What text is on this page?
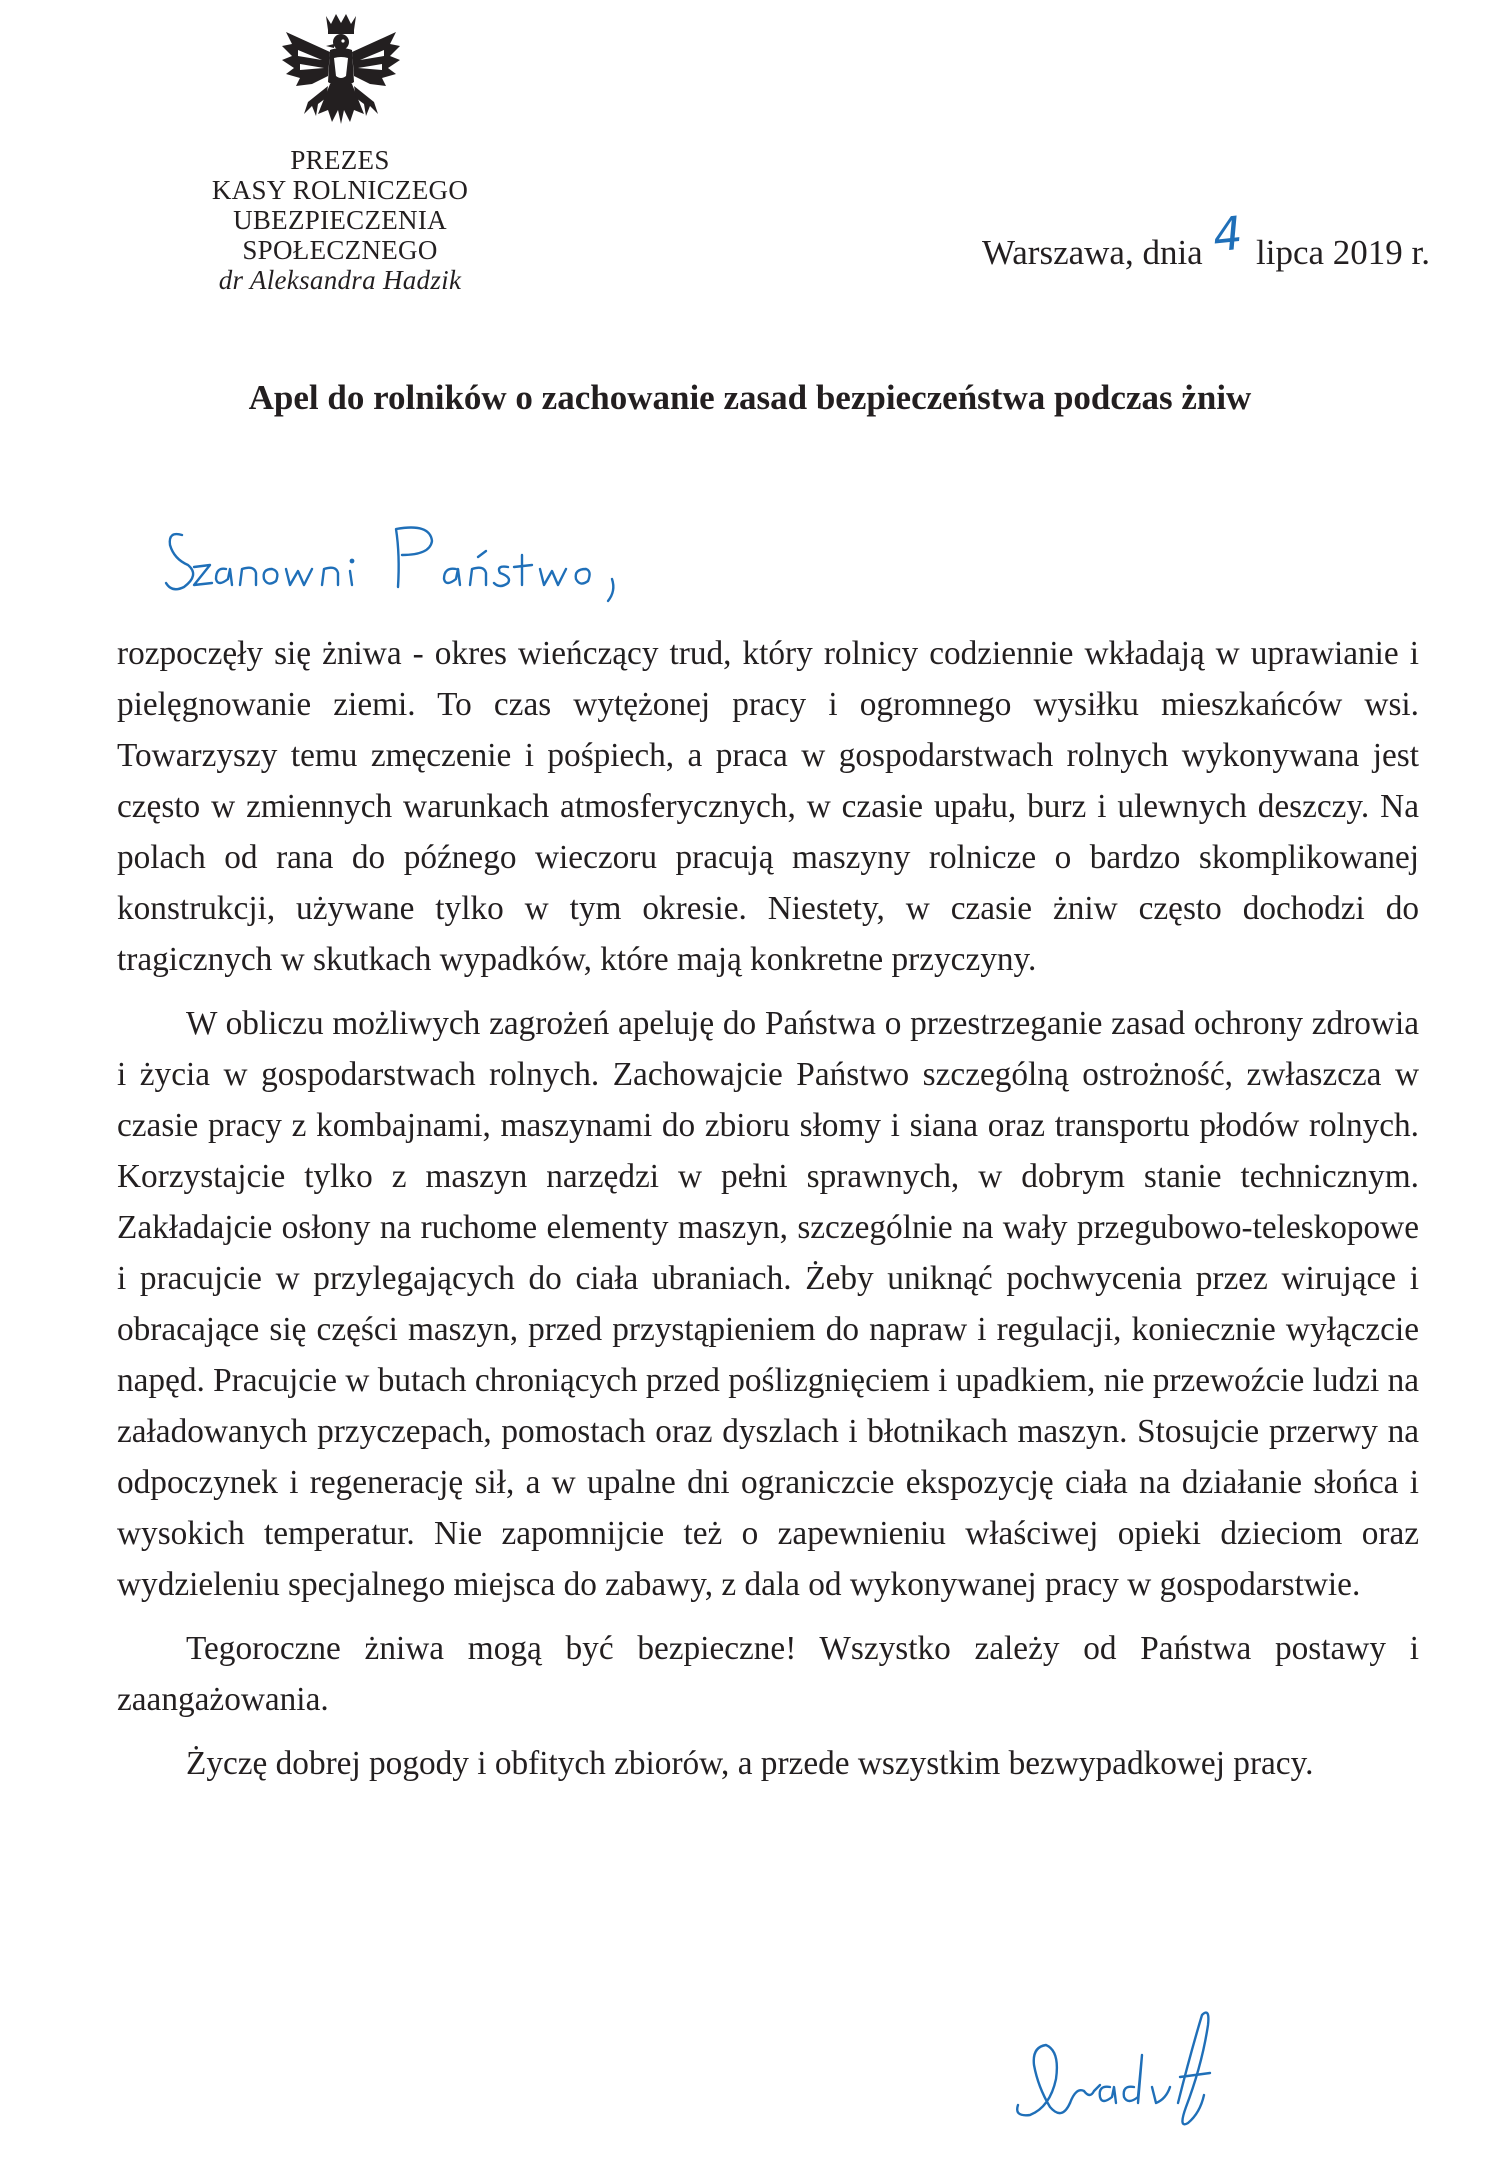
PREZES
KASY ROLNICZEGO
UBEZPIECZENIA SPOŁECZNEGO
dr Aleksandra Hadzik
Warszawa, dnia 4 lipca 2019 r.
Apel do rolników o zachowanie zasad bezpieczeństwa podczas żniw

rozpoczęły się żniwa - okres wieńczący trud, który rolnicy codziennie wkładają w uprawianie i pielęgnowanie ziemi. To czas wytężonej pracy i ogromnego wysiłku mieszkańców wsi. Towarzyszy temu zmęczenie i pośpiech, a praca w gospodarstwach rolnych wykonywana jest często w zmiennych warunkach atmosferycznych, w czasie upału, burz i ulewnych deszczy. Na polach od rana do późnego wieczoru pracują maszyny rolnicze o bardzo skomplikowanej konstrukcji, używane tylko w tym okresie. Niestety, w czasie żniw często dochodzi do tragicznych w skutkach wypadków, które mają konkretne przyczyny.

W obliczu możliwych zagrożeń apeluję do Państwa o przestrzeganie zasad ochrony zdrowia i życia w gospodarstwach rolnych. Zachowajcie Państwo szczególną ostrożność, zwłaszcza w czasie pracy z kombajnami, maszynami do zbioru słomy i siana oraz transportu płodów rolnych. Korzystajcie tylko z maszyn narzędzi w pełni sprawnych, w dobrym stanie technicznym. Zakładajcie osłony na ruchome elementy maszyn, szczególnie na wały przegubowo-teleskopowe i pracujcie w przylegających do ciała ubraniach. Żeby uniknąć pochwycenia przez wirujące i obracające się części maszyn, przed przystąpieniem do napraw i regulacji, koniecznie wyłączcie napęd. Pracujcie w butach chroniących przed poślizgnięciem i upadkiem, nie przewoźcie ludzi na załadowanych przyczepach, pomostach oraz dyszlach i błotnikach maszyn. Stosujcie przerwy na odpoczynek i regenerację sił, a w upalne dni ograniczcie ekspozycję ciała na działanie słońca i wysokich temperatur. Nie zapomnijcie też o zapewnieniu właściwej opieki dzieciom oraz wydzieleniu specjalnego miejsca do zabawy, z dala od wykonywanej pracy w gospodarstwie.

Tegoroczne żniwa mogą być bezpieczne! Wszystko zależy od Państwa postawy i zaangażowania.

Życzę dobrej pogody i obfitych zbiorów, a przede wszystkim bezwypadkowej pracy.
